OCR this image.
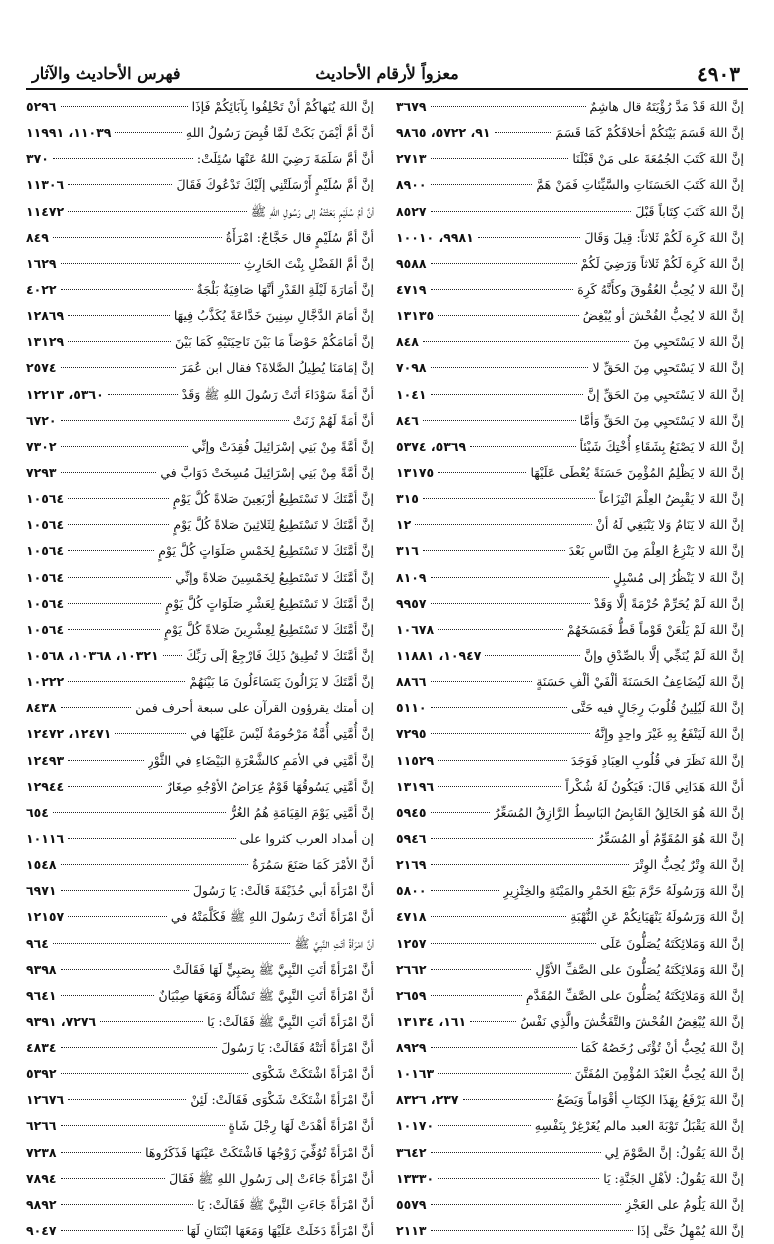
٤٩٠٣
معزواً لأرقام الأحاديث
فهرس الأحاديث والآثار
إنَّ اللهَ قَدْ مَدَّ رُؤْيَتَهُ قال هاشِمٌ
٣٦٧٩
إنَّ اللهَ قَسَمَ بَيْنَكُمْ أخلاقَكُمْ كَمَا قَسَمَ
٩١، ٥٧٢٢، ٩٨٦٥
إنَّ اللهَ كَتَبَ الجُمُعَةَ على مَنْ قَبْلَنَا
٢٧١٣
إنَّ اللهَ كَتَبَ الحَسَنَاتِ والسَّيِّئاتِ فَمَنْ هَمَّ
٨٩٠٠
إنَّ اللهَ كَتَبَ كِتَاباً قَبْلَ
٨٥٢٧
إنَّ اللهَ كَرِهَ لَكُمْ ثَلاثاً: قِيلَ وَقَالَ
٩٩٨١، ١٠٠١٠
إنَّ اللهَ كَرِهَ لَكُمْ ثَلاثاً وَرَضِيَ لَكُمْ
٩٥٨٨
إنَّ اللهَ لا يُحِبُّ العُقُوقَ وكأَنَّهُ كَرِهَ
٤٧١٩
إنَّ اللهَ لا يُحِبُّ الفُحْشَ أو يُبْغِضُ
١٣١٣٥
إنَّ اللهَ لا يَسْتَحيِي مِنَ
٨٤٨
إنَّ اللهَ لا يَسْتَحيِي مِنَ الحَقِّ لا
٧٠٩٨
إنَّ اللهَ لا يَسْتَحيِي مِنَ الحَقِّ إنَّ
١٠٤١
إنَّ اللهَ لا يَسْتَحيِي مِنَ الحَقِّ وَأمَّا
٨٤٦
إنَّ اللهَ لا يَصْنَعُ بِشَقَاءِ أُخْتِكَ شَيْئاً
٥٣٦٩، ٥٣٧٤
إنَّ اللهَ لا يَظْلِمُ المُؤْمِنَ حَسَنَةً يُعْطَى عَلَيْهَا
١٣١٧٥
إنَّ اللهَ لا يَقْبِضُ العِلْمَ انْتِزَاعاً
٣١٥
إنَّ اللهَ لا يَنَامُ وَلا يَنْبَغِي لَهُ أنْ
١٢
إنَّ اللهَ لا يَنْزِعُ العِلْمَ مِنَ النَّاسِ بَعْدَ
٣١٦
إنَّ اللهَ لا يَنْظُرُ إلى مُسْبِلٍ
٨١٠٩
إنَّ اللهَ لَمْ يُحَرِّمْ حُرْمَةً إلَّا وَقَدْ
٩٩٥٧
إنَّ اللهَ لَمْ يَلْعَنْ قَوْماً قَطُّ فَمَسَخَهُمْ
١٠٦٧٨
إنَّ اللهَ لَمْ يُنَجِّي إلَّا بالصِّدْقِ وإنَّ
١٠٩٤٧، ١١٨٨١
إنَّ اللهَ لَيُضَاعِفُ الحَسَنَةَ ألْفَيْ ألْفِ حَسَنَةٍ
٨٨٦٦
إنَّ اللهَ لَيُلِينُ قُلُوبَ رِجَالٍ فيه حَتَّى
٥١١٠
إنَّ اللهَ لَيَنْفَعُ بِهِ غَيْرَ واحِدٍ وإِنَّهُ
٧٢٩٥
إنَّ اللهَ نَظَرَ في قُلُوبِ العِبَادِ فَوَجَدَ
١١٥٢٩
أنَّ اللهَ هَدَانِي قَالَ: فَيَكُونُ لَهُ شُكْراً
١٣١٩٦
إنَّ اللهَ هُوَ الخَالِقُ القَابِضُ البَاسِطُ الرَّازِقُ المُسَعِّرُ
٥٩٤٥
إنَّ اللهَ هُوَ المُقَوِّمُ أو المُسَعِّرُ
٥٩٤٦
إنَّ اللهَ وِتْرٌ يُحِبُّ الوِتْرَ
٢١٦٩
إنَّ اللهَ وَرَسُولَهُ حَرَّمَ بَيْعَ الخَمْرِ والمَيْتَةِ والخِنْزِيرِ
٥٨٠٠
إنَّ اللهَ وَرَسُولَهُ يَنْهَيَانِكُمْ عَنِ النُّهْبَةِ
٤٧١٨
إنَّ اللهَ وَمَلائِكَتَهُ يُصَلُّونَ عَلَى
١٢٥٧
إنَّ اللهَ وَمَلائِكَتَهُ يُصَلُّونَ على الصَّفِّ الأوَّلِ
٢٦٦٢
إنَّ اللهَ وَمَلائِكَتَهُ يُصَلُّونَ على الصَّفِّ المُقَدَّمِ
٢٦٥٩
إنَّ اللهَ يُبْغِضُ الفُحْشَ والتَّفَحُّشَ والَّذِي نَفْسُ
١٦١، ١٣١٣٤
إنَّ اللهَ يُحِبُّ أنْ تُؤْتَى رُخَصُهُ كَمَا
٨٩٢٩
إنَّ اللهَ يُحِبُّ العَبْدَ المُؤْمِنَ المُفَتَّنَ
١٠١٦٣
إنَّ اللهَ يَرْفَعُ بِهَذَا الكِتَابِ أقْوَاماً وَيَضَعُ
٢٣٧، ٨٣٢٦
إنَّ اللهَ يَقْبَلُ تَوْبَةَ العبد مالم يُغَرْغِرْ بِنَفْسِهِ
١٠١٧٠
إنَّ اللهَ يَقُولُ: إنَّ الصَّوْمَ لِي
٣٦٤٢
إنَّ اللهَ يَقُولُ: لأهْلِ الجَنَّةِ: يَا
١٣٣٣٠
إنَّ اللهَ يَلُومُ على العَجْزِ
٥٥٧٩
إنَّ اللهَ يُمْهِلُ حَتَّى إذَا
٢١١٣
إنَّ اللهَ يُنَهاكُمْ أنْ تَحْلِفُوا بِآبَائِكُمْ فَإذَا
٥٢٩٦
أنَّ أمَّ أيْمَنَ بَكَتْ لَمَّا قُبِضَ رَسُولُ اللهِ
١١٠٣٩، ١١٩٩١
أنَّ أمَّ سَلَمَةَ رَضِيَ اللهُ عَنْهَا سُئِلَتْ:
٣٧٠
إنَّ أمَّ سُلَيْمٍ أَرْسَلَتْنِي إلَيْكَ تَدْعُوكَ فَقَالَ
١١٣٠٦
أنَّ أمَّ سُلَيْمٍ بَعَثَتْهُ إلى رَسُولِ اللهِ ﷺ
١١٤٧٢
أنَّ أمَّ سُلَيْمٍ قال حَجَّاجٌ: امْرَأَةُ
٨٤٩
إنَّ أمَّ الفَضْلِ بِنْتَ الحَارِثِ
١٦٢٩
إنَّ أمَارَةَ لَيْلَةِ القَدْرِ أنَّهَا صَافِيَةٌ بَلْجَةٌ
٤٠٢٢
إنَّ أمَامَ الدَّجَّالِ سِنِينَ خَدَّاعَةً يُكَذَّبُ فِيهَا
١٢٨٦٩
إنَّ أمَامَكُمْ حَوْضاً مَا بَيْنَ نَاحِيَتَيْهِ كَمَا بَيْنَ
١٣١٢٩
إنَّ إمَامَنَا يُطِيلُ الصَّلاةَ؟ فقال ابن عُمَرَ
٢٥٧٤
أنَّ أمَةً سَوْدَاءَ أتَتْ رَسُولَ اللهِ ﷺ وَقَدْ
٥٣٦٠، ١٢٢١٣
أنَّ أمَةً لَهُمْ زَنَتْ
٦٧٢٠
إنَّ أمَّةً مِنْ بَنِي إسْرَائِيلَ فُقِدَتْ وإنِّي
٧٣٠٢
إنَّ أمَّةً مِنْ بَنِي إسْرَائِيلَ مُسِخَتْ دَوَابَّ في
٧٢٩٣
إنَّ أمَّتَكَ لا تَسْتَطِيعُ أرْبَعِينَ صَلاةً كُلَّ يَوْمٍ
١٠٥٦٤
إنَّ أمَّتَكَ لا تَسْتَطِيعُ لِثَلاثِينَ صَلاةً كُلَّ يَوْمٍ
١٠٥٦٤
إنَّ أمَّتَكَ لا تَسْتَطِيعُ لِخَمْسِ صَلَوَاتٍ كُلَّ يَوْمٍ
١٠٥٦٤
إنَّ أمَّتَكَ لا تَسْتَطِيعُ لِخَمْسِينَ صَلاةً وإنِّي
١٠٥٦٤
إنَّ أمَّتَكَ لا تَسْتَطِيعُ لِعَشْرِ صَلَوَاتٍ كُلَّ يَوْمٍ
١٠٥٦٤
إنَّ أمَّتَكَ لا تَسْتَطِيعُ لِعِشْرِينَ صَلاةً كُلَّ يَوْمٍ
١٠٥٦٤
إنَّ أمَّتَكَ لا تُطِيقُ ذَلِكَ فَارْجِعْ إلَى رَبِّكَ
١٠٣٢١، ١٠٣٦٨، ١٠٥٦٨
إنَّ أمَّتَكَ لا يَزَالُونَ يَتَسَاءَلُونَ مَا بَيْنَهُمْ
١٠٢٢٢
إن أمتك يقرؤون القرآن على سبعة أحرف فمن
٨٤٣٨
إنَّ أُمَّتِي أُمَّةٌ مَرْحُومَةٌ لَيْسَ عَلَيْهَا في
١٢٤٧١، ١٢٤٧٢
إنَّ أمَّتِي في الأمَمِ كالشَّعْرَةِ البَيْضَاءِ في الثَّوْرِ
١٢٤٩٣
إنَّ أمَّتِي يَسُوقُهَا قَوْمٌ عِرَاضُ الأوْجُهِ صِغَارٌ
١٢٩٤٤
إنَّ أمَّتِي يَوْمَ القِيَامَةِ هُمُ الغُرُّ
٦٥٤
إن أمداد العرب كثروا على
١٠١١٦
أنَّ الأمْرَ كَمَا صَنَعَ سَمُرَةُ
١٥٤٨
أنَّ امْرَأةَ أبي حُذَيْفَةَ قَالَتْ: يَا رَسُولَ
٦٩٧١
أنَّ امْرَأةً أتَتْ رَسُولَ اللهِ ﷺ فَكَلَّمَتْهُ في
١٢١٥٧
أنَّ امْرَأةً أتَتِ النَّبِيَّ ﷺ
٩٦٤
أنَّ امْرَأةً أتَتِ النَّبِيَّ ﷺ بِصَبِيٍّ لَهَا فَقَالَتْ
٩٣٩٨
أنَّ امْرَأةً أتَتِ النَّبِيَّ ﷺ تَسْأَلُهُ وَمَعَهَا صِبْيَانٌ
٩٦٤١
أنَّ امْرَأةً أتَتِ النَّبِيَّ ﷺ فَقَالَتْ: يَا
٧٢٧٦، ٩٣٩١
أنَّ امْرَأةً أتَتْهُ فَقَالَتْ: يَا رَسُولَ
٤٨٣٤
أنَّ امْرَأةً اشْتَكَتْ شَكْوَى
٥٣٩٢
أنَّ امْرَأةً اشْتَكَتْ شَكْوَى فَقَالَتْ: لَئِنْ
١٢٦٧٦
أنَّ امْرَأةً أهْدَتْ لَهَا رِجْلَ شَاةٍ
٦٢٦٦
أنَّ امْرَأةً تُوُفِّيَ زَوْجُهَا فَاشْتَكَتْ عَيْنَهَا فَذَكَرُوهَا
٧٢٣٨
أنَّ امْرَأةً جَاءَتْ إلى رَسُولِ اللهِ ﷺ فَقَالَ
٧٨٩٤
أنَّ امْرَأةً جَاءَتِ النَّبِيَّ ﷺ فَقَالَتْ: يَا
٩٨٩٢
أنَّ امْرَأةً دَخَلَتْ عَلَيْهَا وَمَعَهَا ابْنَتَانِ لَهَا
٩٠٤٧
